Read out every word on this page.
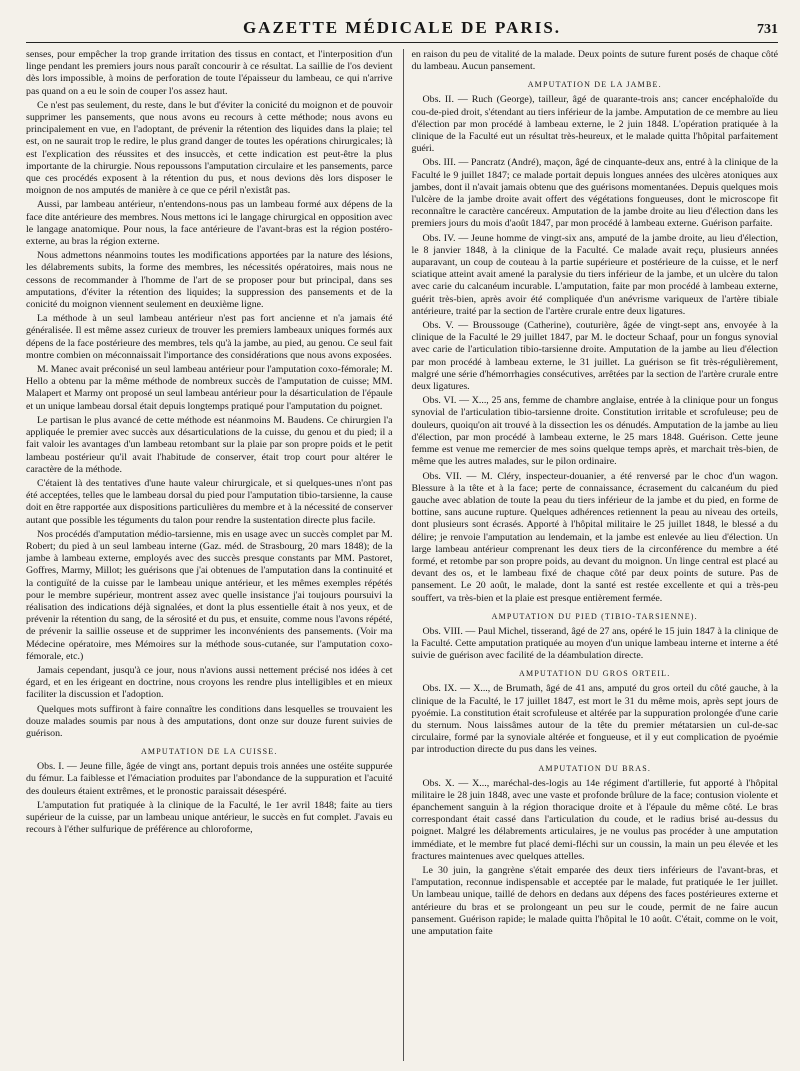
GAZETTE MÉDICALE DE PARIS.	731

senses, pour empêcher la trop grande irritation des tissus en contact, et l'interposition d'un linge pendant les premiers jours nous paraît concourir à ce résultat. La saillie de l'os devient dès lors impossible, à moins de perforation de toute l'épaisseur du lambeau, ce qui n'arrive pas quand on a eu le soin de couper l'os assez haut.

Ce n'est pas seulement, du reste, dans le but d'éviter la conicité du moignon et de pouvoir supprimer les pansements, que nous avons eu recours à cette méthode; nous avons eu principalement en vue, en l'adoptant, de prévenir la rétention des liquides dans la plaie; tel est, on ne saurait trop le redire, le plus grand danger de toutes les opérations chirurgicales; là est l'explication des réussites et des insuccès, et cette indication est peut-être la plus importante de la chirurgie. Nous repoussons l'amputation circulaire et les pansements, parce que ces procédés exposent à la rétention du pus, et nous devions dès lors disposer le moignon de nos amputés de manière à ce que ce péril n'existât pas.

Aussi, par lambeau antérieur, n'entendons-nous pas un lambeau formé aux dépens de la face dite antérieure des membres. Nous mettons ici le langage chirurgical en opposition avec le langage anatomique. Pour nous, la face antérieure de l'avant-bras est la région postéro-externe, au bras la région externe.

Nous admettons néanmoins toutes les modifications apportées par la nature des lésions, les délabrements subits, la forme des membres, les nécessités opératoires, mais nous ne cessons de recommander à l'homme de l'art de se proposer pour but principal, dans ses amputations, d'éviter la rétention des liquides; la suppression des pansements et de la conicité du moignon viennent seulement en deuxième ligne.

La méthode à un seul lambeau antérieur n'est pas fort ancienne et n'a jamais été généralisée. Il est même assez curieux de trouver les premiers lambeaux uniques formés aux dépens de la face postérieure des membres, tels qu'à la jambe, au pied, au genou. Ce seul fait montre combien on méconnaissait l'importance des considérations que nous avons exposées.

M. Manec avait préconisé un seul lambeau antérieur pour l'amputation coxo-fémorale; M. Hello a obtenu par la même méthode de nombreux succès de l'amputation de cuisse; MM. Malapert et Marmy ont proposé un seul lambeau antérieur pour la désarticulation de l'épaule et un unique lambeau dorsal était depuis longtemps pratiqué pour l'amputation du poignet.

Le partisan le plus avancé de cette méthode est néanmoins M. Baudens. Ce chirurgien l'a appliquée le premier avec succès aux désarticulations de la cuisse, du genou et du pied; il a fait valoir les avantages d'un lambeau retombant sur la plaie par son propre poids et le petit lambeau postérieur qu'il avait l'habitude de conserver, était trop court pour altérer le caractère de la méthode.

C'étaient là des tentatives d'une haute valeur chirurgicale, et si quelques-unes n'ont pas été acceptées, telles que le lambeau dorsal du pied pour l'amputation tibio-tarsienne, la cause doit en être rapportée aux dispositions particulières du membre et à la nécessité de conserver autant que possible les téguments du talon pour rendre la sustentation directe plus facile.

Nos procédés d'amputation médio-tarsienne, mis en usage avec un succès complet par M. Robert; du pied à un seul lambeau interne (Gaz. méd. de Strasbourg, 20 mars 1848); de la jambe à lambeau externe, employés avec des succès presque constants par MM. Pastoret, Goffres, Marmy, Millot; les guérisons que j'ai obtenues de l'amputation dans la continuité et la contiguïté de la cuisse par le lambeau unique antérieur, et les mêmes exemples répétés pour le membre supérieur, montrent assez avec quelle insistance j'ai toujours poursuivi la réalisation des indications déjà signalées, et dont la plus essentielle était à nos yeux, et de prévenir la rétention du sang, de la sérosité et du pus, et ensuite, comme nous l'avons répété, de prévenir la saillie osseuse et de supprimer les inconvénients des pansements. (Voir ma Médecine opératoire, mes Mémoires sur la méthode sous-cutanée, sur l'amputation coxo-fémorale, etc.)

Jamais cependant, jusqu'à ce jour, nous n'avions aussi nettement précisé nos idées à cet égard, et en les érigeant en doctrine, nous croyons les rendre plus intelligibles et en mieux faciliter la discussion et l'adoption.

Quelques mots suffiront à faire connaître les conditions dans lesquelles se trouvaient les douze malades soumis par nous à des amputations, dont onze sur douze furent suivies de guérison.

AMPUTATION DE LA CUISSE.

Obs. I. — Jeune fille, âgée de vingt ans, portant depuis trois années une ostéite suppurée du fémur. La faiblesse et l'émaciation produites par l'abondance de la suppuration et l'acuité des douleurs étaient extrêmes, et le pronostic paraissait désespéré.

L'amputation fut pratiquée à la clinique de la Faculté, le 1er avril 1848; faite au tiers supérieur de la cuisse, par un lambeau unique antérieur, le succès en fut complet. J'avais eu recours à l'éther sulfurique de préférence au chloroforme,

en raison du peu de vitalité de la malade. Deux points de suture furent posés de chaque côté du lambeau. Aucun pansement.

AMPUTATION DE LA JAMBE.

Obs. II. — Ruch (George), tailleur, âgé de quarante-trois ans; cancer encéphaloïde du cou-de-pied droit, s'étendant au tiers inférieur de la jambe. Amputation de ce membre au lieu d'élection par mon procédé à lambeau externe, le 2 juin 1848. L'opération pratiquée à la clinique de la Faculté eut un résultat très-heureux, et le malade quitta l'hôpital parfaitement guéri.

Obs. III. — Pancratz (André), maçon, âgé de cinquante-deux ans, entré à la clinique de la Faculté le 9 juillet 1847; ce malade portait depuis longues années des ulcères atoniques aux jambes, dont il n'avait jamais obtenu que des guérisons momentanées. Depuis quelques mois l'ulcère de la jambe droite avait offert des végétations fongueuses, dont le microscope fit reconnaître le caractère cancéreux. Amputation de la jambe droite au lieu d'élection dans les premiers jours du mois d'août 1847, par mon procédé à lambeau externe. Guérison parfaite.

Obs. IV. — Jeune homme de vingt-six ans, amputé de la jambe droite, au lieu d'élection, le 8 janvier 1848, à la clinique de la Faculté. Ce malade avait reçu, plusieurs années auparavant, un coup de couteau à la partie supérieure et postérieure de la cuisse, et le nerf sciatique atteint avait amené la paralysie du tiers inférieur de la jambe, et un ulcère du talon avec carie du calcanéum incurable. L'amputation, faite par mon procédé à lambeau externe, guérit très-bien, après avoir été compliquée d'un anévrisme variqueux de l'artère tibiale antérieure, traité par la section de l'artère crurale entre deux ligatures.

Obs. V. — Broussouge (Catherine), couturière, âgée de vingt-sept ans, envoyée à la clinique de la Faculté le 29 juillet 1847, par M. le docteur Schaaf, pour un fongus synovial avec carie de l'articulation tibio-tarsienne droite. Amputation de la jambe au lieu d'élection par mon procédé à lambeau externe, le 31 juillet. La guérison se fit très-régulièrement, malgré une série d'hémorrhagies consécutives, arrêtées par la section de l'artère crurale entre deux ligatures.

Obs. VI. — X..., 25 ans, femme de chambre anglaise, entrée à la clinique pour un fongus synovial de l'articulation tibio-tarsienne droite. Constitution irritable et scrofuleuse; peu de douleurs, quoiqu'on ait trouvé à la dissection les os dénudés. Amputation de la jambe au lieu d'élection, par mon procédé à lambeau externe, le 25 mars 1848. Guérison. Cette jeune femme est venue me remercier de mes soins quelque temps après, et marchait très-bien, de même que les autres malades, sur le pilon ordinaire.

Obs. VII. — M. Cléry, inspecteur-douanier, a été renversé par le choc d'un wagon. Blessure à la tête et à la face; perte de connaissance, écrasement du calcanéum du pied gauche avec ablation de toute la peau du tiers inférieur de la jambe et du pied, en forme de bottine, sans aucune rupture. Quelques adhérences retiennent la peau au niveau des orteils, dont plusieurs sont écrasés. Apporté à l'hôpital militaire le 25 juillet 1848, le blessé a du délire; je renvoie l'amputation au lendemain, et la jambe est enlevée au lieu d'élection. Un large lambeau antérieur comprenant les deux tiers de la circonférence du membre a été formé, et retombe par son propre poids, au devant du moignon. Un linge central est placé au devant des os, et le lambeau fixé de chaque côté par deux points de suture. Pas de pansement. Le 20 août, le malade, dont la santé est restée excellente et qui a très-peu souffert, va très-bien et la plaie est presque entièrement fermée.

AMPUTATION DU PIED (TIBIO-TARSIENNE).

Obs. VIII. — Paul Michel, tisserand, âgé de 27 ans, opéré le 15 juin 1847 à la clinique de la Faculté. Cette amputation pratiquée au moyen d'un unique lambeau interne et interne a été suivie de guérison avec facilité de la déambulation directe.

AMPUTATION DU GROS ORTEIL.

Obs. IX. — X..., de Brumath, âgé de 41 ans, amputé du gros orteil du côté gauche, à la clinique de la Faculté, le 17 juillet 1847, est mort le 31 du même mois, après sept jours de pyoémie. La constitution était scrofuleuse et altérée par la suppuration prolongée d'une carie du sternum. Nous laissâmes autour de la tête du premier métatarsien un cul-de-sac circulaire, formé par la synoviale altérée et fongueuse, et il y eut complication de pyoémie par introduction directe du pus dans les veines.

AMPUTATION DU BRAS.

Obs. X. — X..., maréchal-des-logis au 14e régiment d'artillerie, fut apporté à l'hôpital militaire le 28 juin 1848, avec une vaste et profonde brûlure de la face; contusion violente et épanchement sanguin à la région thoracique droite et à l'épaule du même côté. Le bras correspondant était cassé dans l'articulation du coude, et le radius brisé au-dessus du poignet. Malgré les délabrements articulaires, je ne voulus pas procéder à une amputation immédiate, et le membre fut placé demi-fléchi sur un coussin, la main un peu élevée et les fractures maintenues avec quelques attelles.

Le 30 juin, la gangrène s'était emparée des deux tiers inférieurs de l'avant-bras, et l'amputation, reconnue indispensable et acceptée par le malade, fut pratiquée le 1er juillet. Un lambeau unique, taillé de dehors en dedans aux dépens des faces postérieures externe et antérieure du bras et se prolongeant un peu sur le coude, permit de ne faire aucun pansement. Guérison rapide; le malade quitta l'hôpital le 10 août. C'était, comme on le voit, une amputation faite
